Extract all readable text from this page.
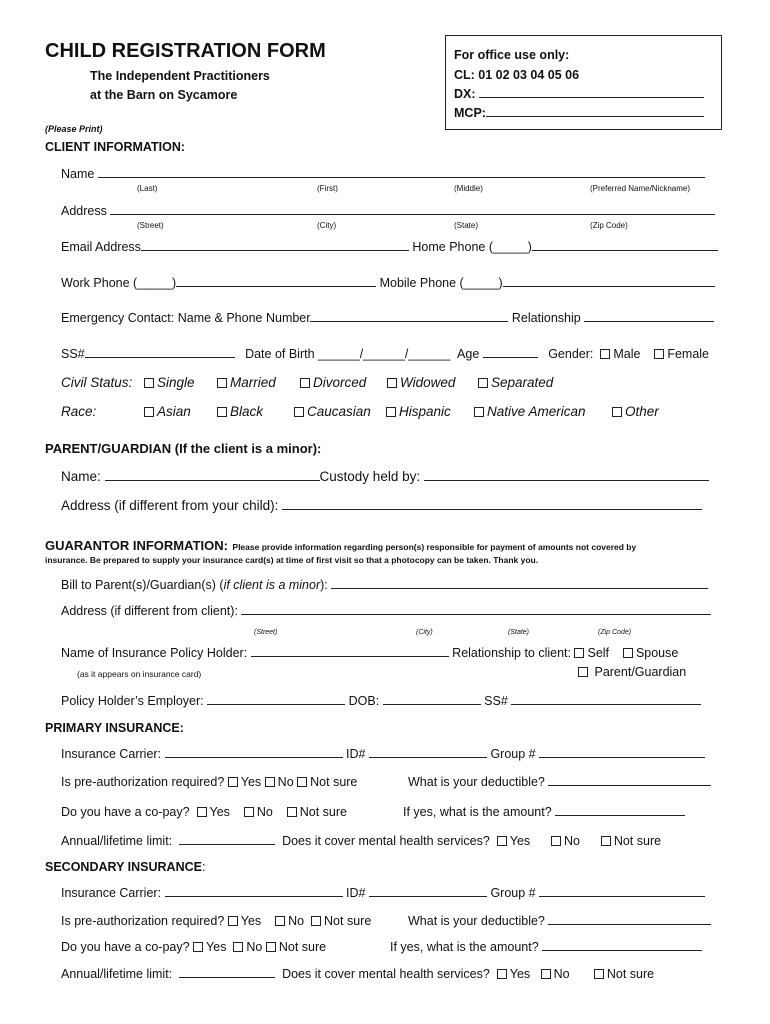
CHILD REGISTRATION FORM
The Independent Practitioners
at the Barn on Sycamore
(Please Print)
For office use only:
CL: 01 02 03 04 05 06
DX:
MCP:
CLIENT INFORMATION:
Name
(Last)	(First)	(Middle)	(Preferred Name/Nickname)
Address
(Street)	(City)	(State)	(Zip Code)
Email Address	Home Phone (_____)
Work Phone (_____)	Mobile Phone (_____)
Emergency Contact: Name & Phone Number	Relationship
SS#	Date of Birth ______/______/______ Age	Gender: Male Female
Civil Status:	Single	Married	Divorced	Widowed	Separated
Race:	Asian	Black	Caucasian	Hispanic	Native American	Other
PARENT/GUARDIAN (If the client is a minor):
Name:	Custody held by:
Address (if different from your child):
GUARANTOR INFORMATION: Please provide information regarding person(s) responsible for payment of amounts not covered by
insurance. Be prepared to supply your insurance card(s) at time of first visit so that a photocopy can be taken. Thank you.
Bill to Parent(s)/Guardian(s) (if client is a minor):
Address (if different from client):
(Street)	(City)	(State)	(Zip Code)
Name of Insurance Policy Holder:	Relationship to client: Self Spouse
(as it appears on insurance card)	Parent/Guardian
Policy Holder’s Employer:	DOB:	SS#
PRIMARY INSURANCE:
Insurance Carrier:	ID#	Group #
Is pre-authorization required? Yes No Not sure	What is your deductible?
Do you have a co-pay? Yes No Not sure	If yes, what is the amount?
Annual/lifetime limit:	Does it cover mental health services? Yes	No	Not sure
SECONDARY INSURANCE:
Insurance Carrier:	ID#	Group #
Is pre-authorization required? Yes No Not sure	What is your deductible?
Do you have a co-pay? Yes No Not sure	If yes, what is the amount?
Annual/lifetime limit:	Does it cover mental health services? Yes No	Not sure
